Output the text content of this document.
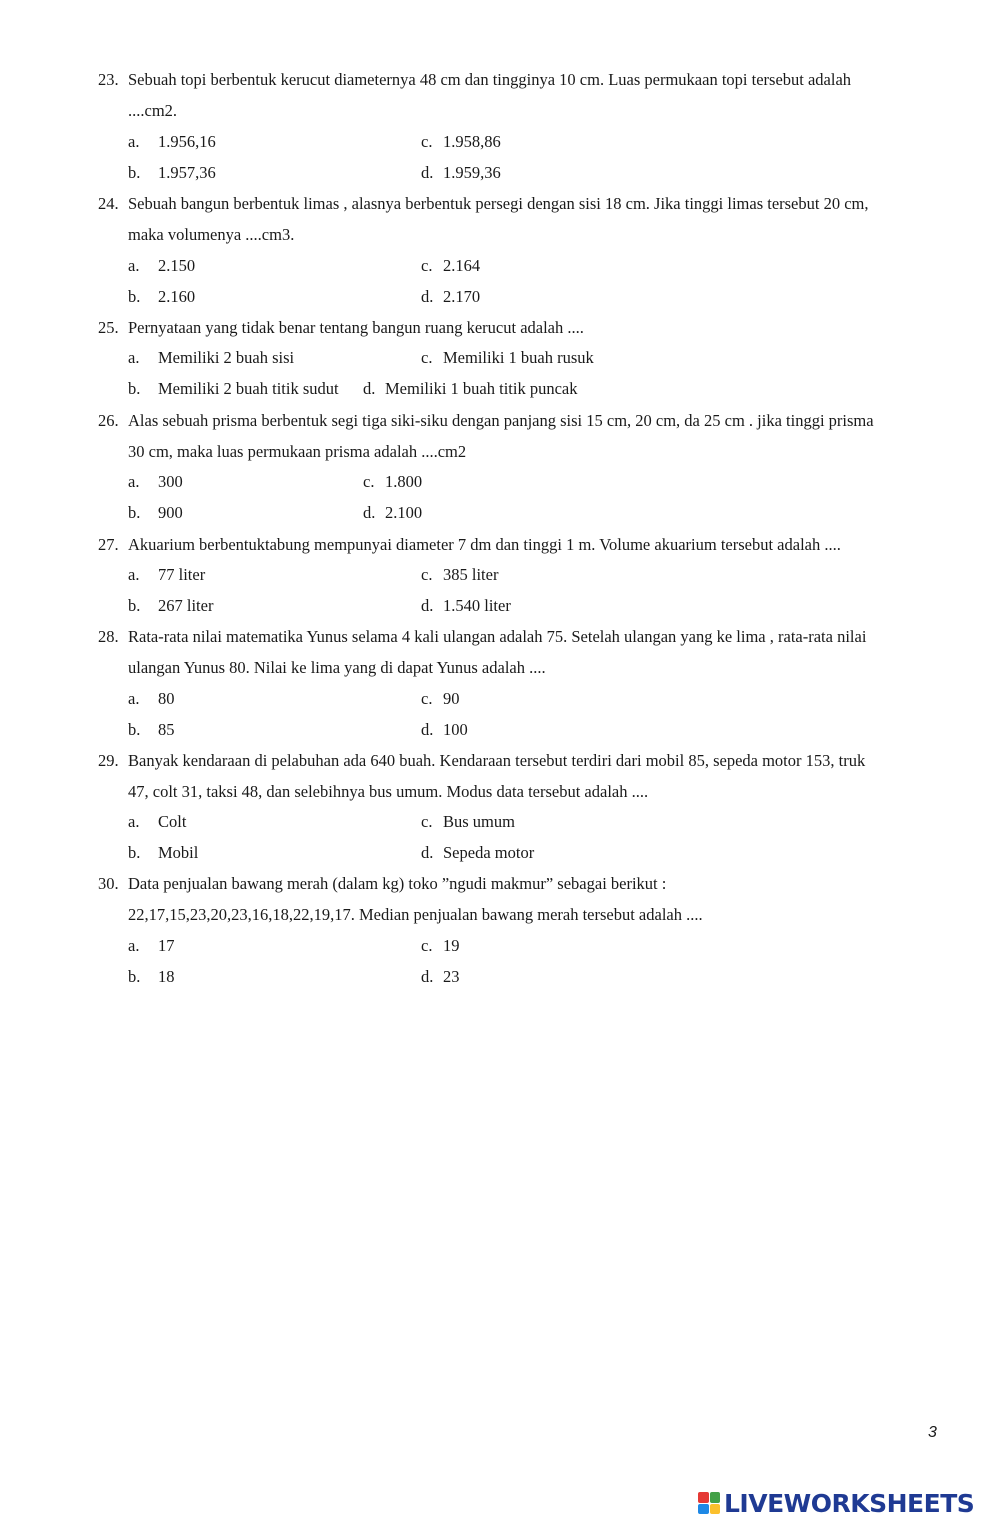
23. Sebuah topi berbentuk kerucut diameternya 48 cm dan tingginya 10 cm. Luas permukaan topi tersebut adalah
....cm2.
a. 1.956,16
b. 1.957,36
c. 1.958,86
d. 1.959,36
24. Sebuah bangun berbentuk limas , alasnya berbentuk persegi dengan sisi 18 cm. Jika tinggi limas tersebut 20 cm,
maka volumenya ....cm3.
a. 2.150
b. 2.160
c. 2.164
d. 2.170
25. Pernyataan yang tidak benar tentang bangun ruang kerucut adalah ....
a. Memiliki 2 buah sisi
b. Memiliki 2 buah titik sudut
c. Memiliki 1 buah rusuk
d. Memiliki 1 buah titik puncak
26. Alas sebuah prisma berbentuk segi tiga siki-siku dengan panjang sisi 15 cm, 20 cm, da 25 cm . jika tinggi prisma
30 cm, maka luas permukaan prisma adalah ....cm2
a. 300
b. 900
c. 1.800
d. 2.100
27. Akuarium berbentuktabung mempunyai diameter 7 dm dan tinggi 1 m. Volume akuarium tersebut adalah ....
a. 77 liter
b. 267 liter
c. 385 liter
d. 1.540 liter
28. Rata-rata nilai matematika Yunus selama 4 kali ulangan adalah 75. Setelah ulangan yang ke lima , rata-rata nilai
ulangan Yunus 80. Nilai ke lima yang di dapat Yunus adalah ....
a. 80
b. 85
c. 90
d. 100
29. Banyak kendaraan di pelabuhan ada 640 buah. Kendaraan tersebut terdiri dari mobil 85, sepeda motor 153, truk
47, colt 31, taksi 48, dan selebihnya bus umum. Modus data tersebut adalah ....
a. Colt
b. Mobil
c. Bus umum
d. Sepeda motor
30. Data penjualan bawang merah (dalam kg) toko ”ngudi makmur” sebagai berikut :
22,17,15,23,20,23,16,18,22,19,17. Median penjualan bawang merah tersebut adalah ....
a. 17
b. 18
c. 19
d. 23
3
LIVEWORKSHEETS
